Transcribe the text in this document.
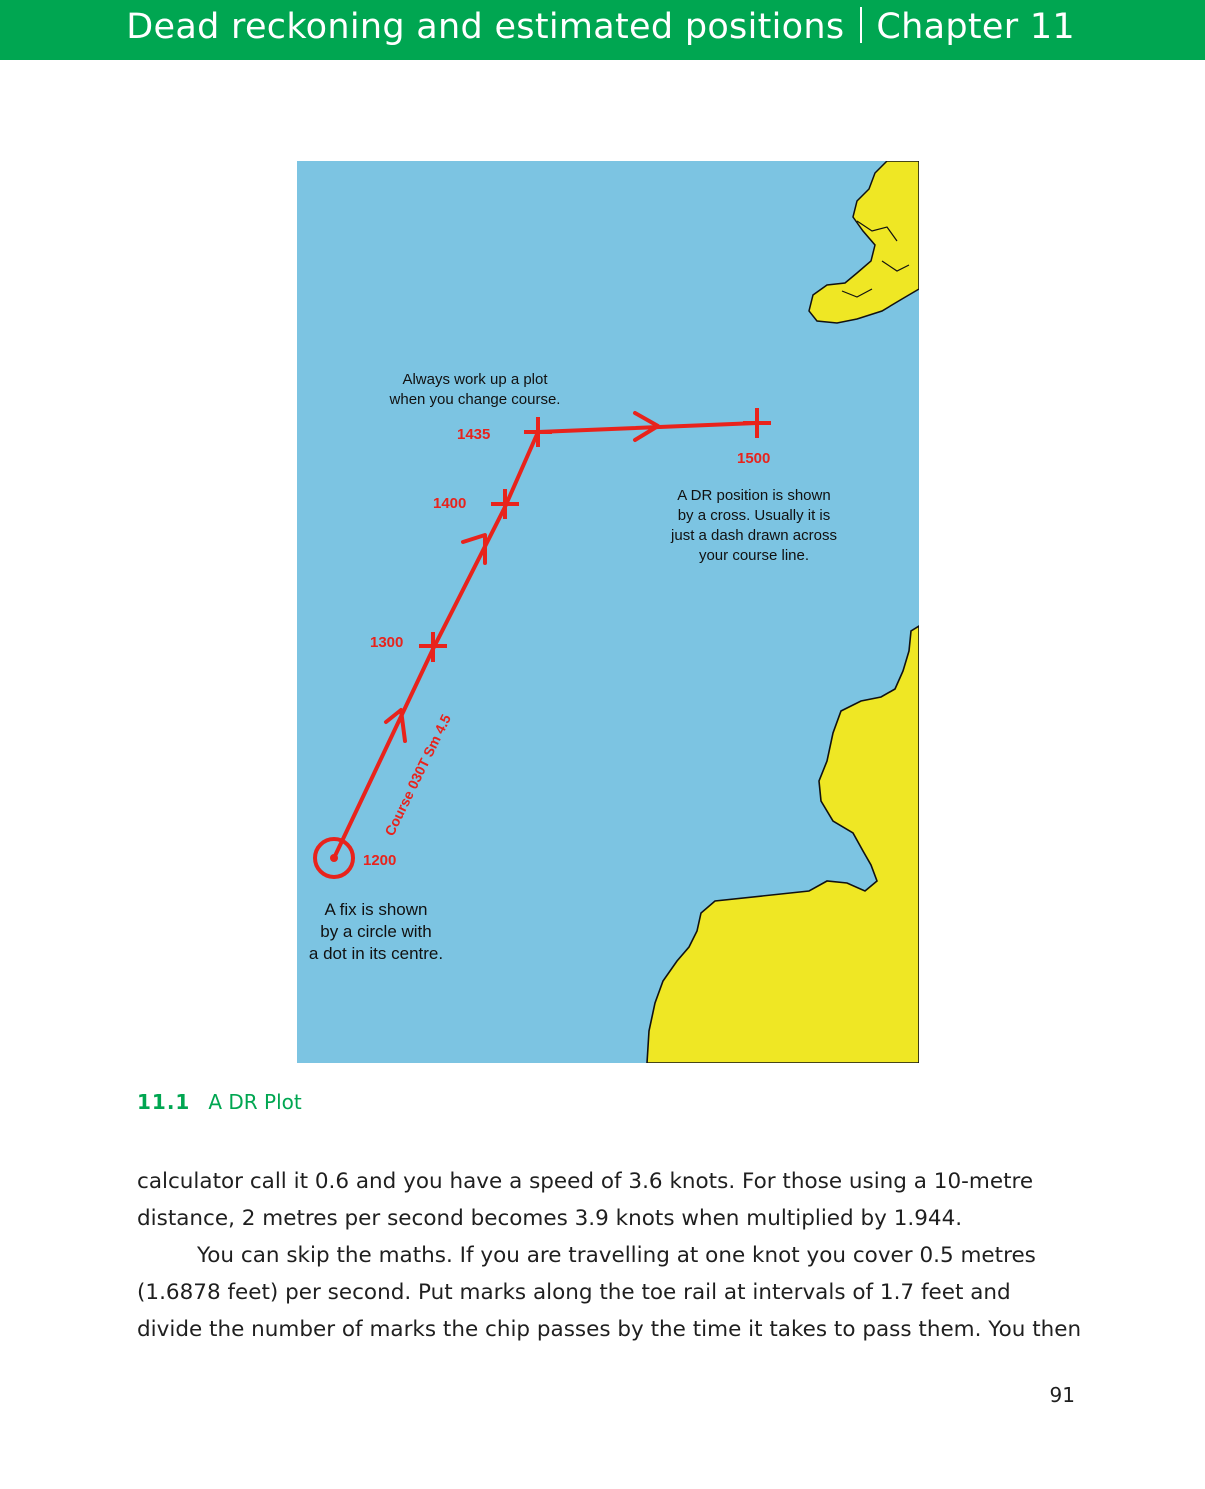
Dead reckoning and estimated positions Chapter 11
1200
1300
1400
1435
1500
Course 030T Sm 4.5
Always work up a plot
when you change course.
A DR position is shown
by a cross. Usually it is
just a dash drawn across
your course line.
A fix is shown
by a circle with
a dot in its centre.
11.1 A DR Plot

calculator call it 0.6 and you have a speed of 3.6 knots. For those using a 10-metre

distance, 2 metres per second becomes 3.9 knots when multiplied by 1.944.

You can skip the maths. If you are travelling at one knot you cover 0.5 metres

(1.6878 feet) per second. Put marks along the toe rail at intervals of 1.7 feet and

divide the number of marks the chip passes by the time it takes to pass them. You then

91
